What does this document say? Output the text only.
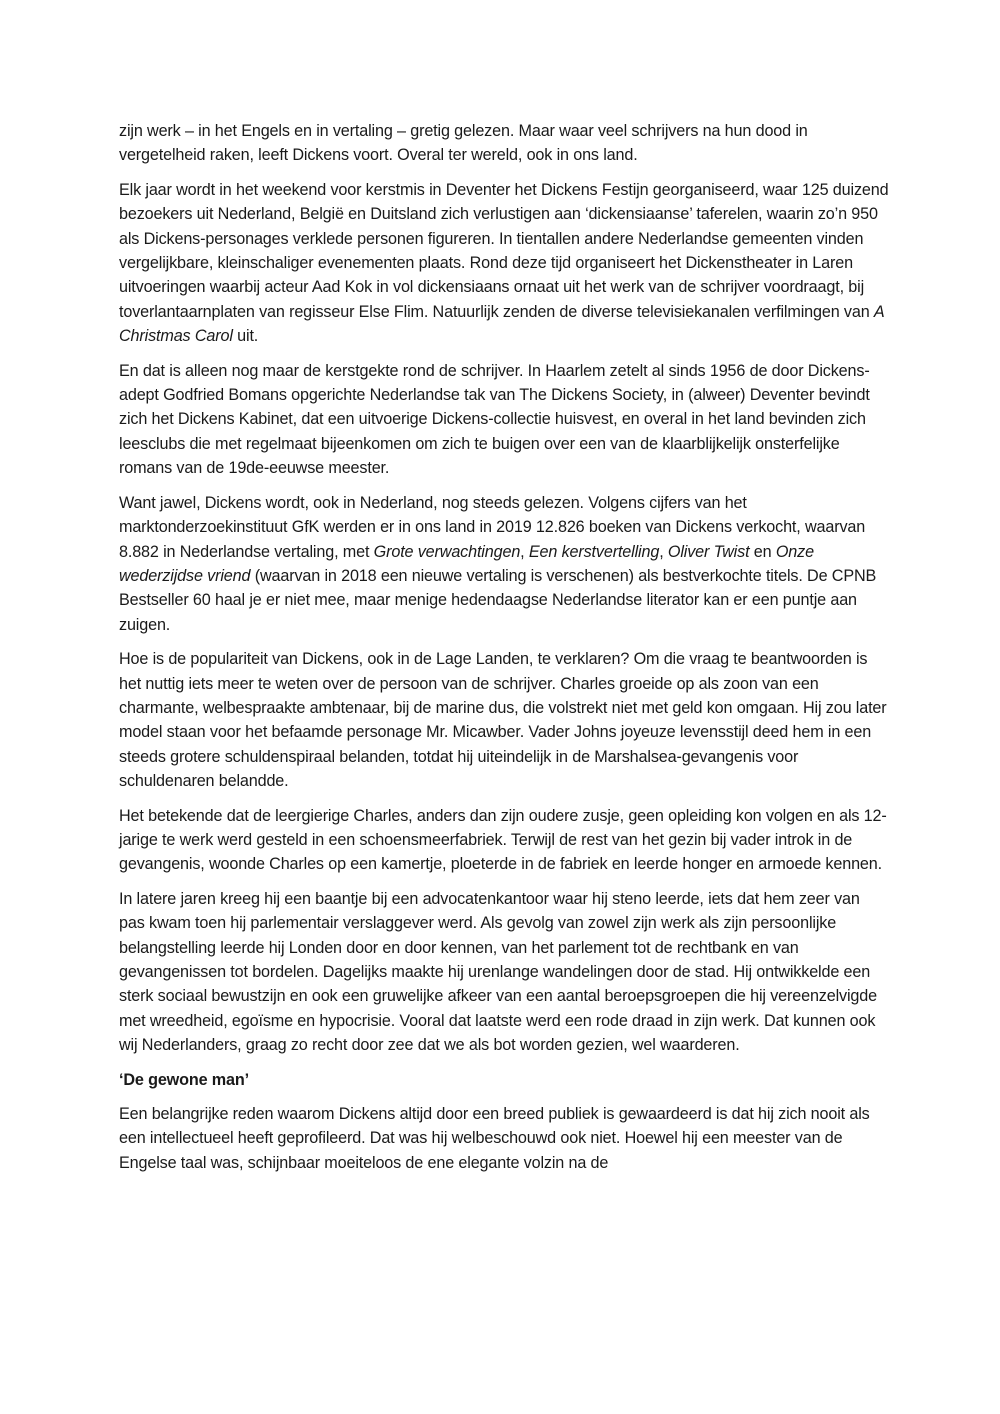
zijn werk – in het Engels en in vertaling – gretig gelezen. Maar waar veel schrijvers na hun dood in vergetelheid raken, leeft Dickens voort. Overal ter wereld, ook in ons land.

Elk jaar wordt in het weekend voor kerstmis in Deventer het Dickens Festijn georganiseerd, waar 125 duizend bezoekers uit Nederland, België en Duitsland zich verlustigen aan ‘dickensiaanse’ taferelen, waarin zo’n 950 als Dickens-personages verklede personen figureren. In tientallen andere Nederlandse gemeenten vinden vergelijkbare, kleinschaliger evenementen plaats. Rond deze tijd organiseert het Dickenstheater in Laren uitvoeringen waarbij acteur Aad Kok in vol dickensiaans ornaat uit het werk van de schrijver voordraagt, bij toverlantaarnplaten van regisseur Else Flim. Natuurlijk zenden de diverse televisiekanalen verfilmingen van A Christmas Carol uit.

En dat is alleen nog maar de kerstgekte rond de schrijver. In Haarlem zetelt al sinds 1956 de door Dickens-adept Godfried Bomans opgerichte Nederlandse tak van The Dickens Society, in (alweer) Deventer bevindt zich het Dickens Kabinet, dat een uitvoerige Dickens-collectie huisvest, en overal in het land bevinden zich leesclubs die met regelmaat bijeenkomen om zich te buigen over een van de klaarblijkelijk onsterfelijke romans van de 19de-eeuwse meester.

Want jawel, Dickens wordt, ook in Nederland, nog steeds gelezen. Volgens cijfers van het marktonderzoekinstituut GfK werden er in ons land in 2019 12.826 boeken van Dickens verkocht, waarvan 8.882 in Nederlandse vertaling, met Grote verwachtingen, Een kerstvertelling, Oliver Twist en Onze wederzijdse vriend (waarvan in 2018 een nieuwe vertaling is verschenen) als bestverkochte titels. De CPNB Bestseller 60 haal je er niet mee, maar menige hedendaagse Nederlandse literator kan er een puntje aan zuigen.

Hoe is de populariteit van Dickens, ook in de Lage Landen, te verklaren? Om die vraag te beantwoorden is het nuttig iets meer te weten over de persoon van de schrijver. Charles groeide op als zoon van een charmante, welbespraakte ambtenaar, bij de marine dus, die volstrekt niet met geld kon omgaan. Hij zou later model staan voor het befaamde personage Mr. Micawber. Vader Johns joyeuze levensstijl deed hem in een steeds grotere schuldenspiraal belanden, totdat hij uiteindelijk in de Marshalsea-gevangenis voor schuldenaren belandde.

Het betekende dat de leergierige Charles, anders dan zijn oudere zusje, geen opleiding kon volgen en als 12-jarige te werk werd gesteld in een schoensmeerfabriek. Terwijl de rest van het gezin bij vader introk in de gevangenis, woonde Charles op een kamertje, ploeterde in de fabriek en leerde honger en armoede kennen.

In latere jaren kreeg hij een baantje bij een advocatenkantoor waar hij steno leerde, iets dat hem zeer van pas kwam toen hij parlementair verslaggever werd. Als gevolg van zowel zijn werk als zijn persoonlijke belangstelling leerde hij Londen door en door kennen, van het parlement tot de rechtbank en van gevangenissen tot bordelen. Dagelijks maakte hij urenlange wandelingen door de stad. Hij ontwikkelde een sterk sociaal bewustzijn en ook een gruwelijke afkeer van een aantal beroepsgroepen die hij vereenzelvigde met wreedheid, egoïsme en hypocrisie. Vooral dat laatste werd een rode draad in zijn werk. Dat kunnen ook wij Nederlanders, graag zo recht door zee dat we als bot worden gezien, wel waarderen.

‘De gewone man’

Een belangrijke reden waarom Dickens altijd door een breed publiek is gewaardeerd is dat hij zich nooit als een intellectueel heeft geprofileerd. Dat was hij welbeschouwd ook niet. Hoewel hij een meester van de Engelse taal was, schijnbaar moeiteloos de ene elegante volzin na de
